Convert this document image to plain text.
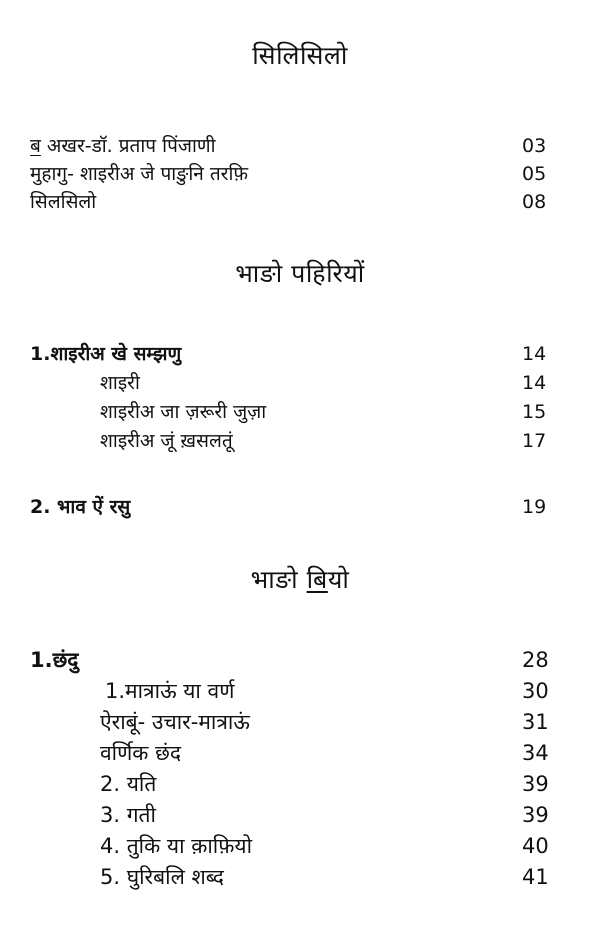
सिलिसिलो
ब अखर-डॉ. प्रताप पिंजाणी	03
मुहागु- शाइरीअ जे पाङुनि तरफ़ि	05
सिलसिलो	08
भाङो पहिरियों
1.शाइरीअ खे सम्झणु	14
शाइरी	14
शाइरीअ जा ज़रूरी जुज़ा	15
शाइरीअ जूं ख़सलतूं	17
2. भाव ऐं रसु	19
भाङो बियो
1.छंदु	28
1.मात्राऊं या वर्ण	30
ऐराबूं- उचार-मात्राऊं	31
वर्णिक छंद	34
2. यति	39
3. गती	39
4. तुकि या क़ाफ़ियो	40
5. घुरिबलि शब्द	41
